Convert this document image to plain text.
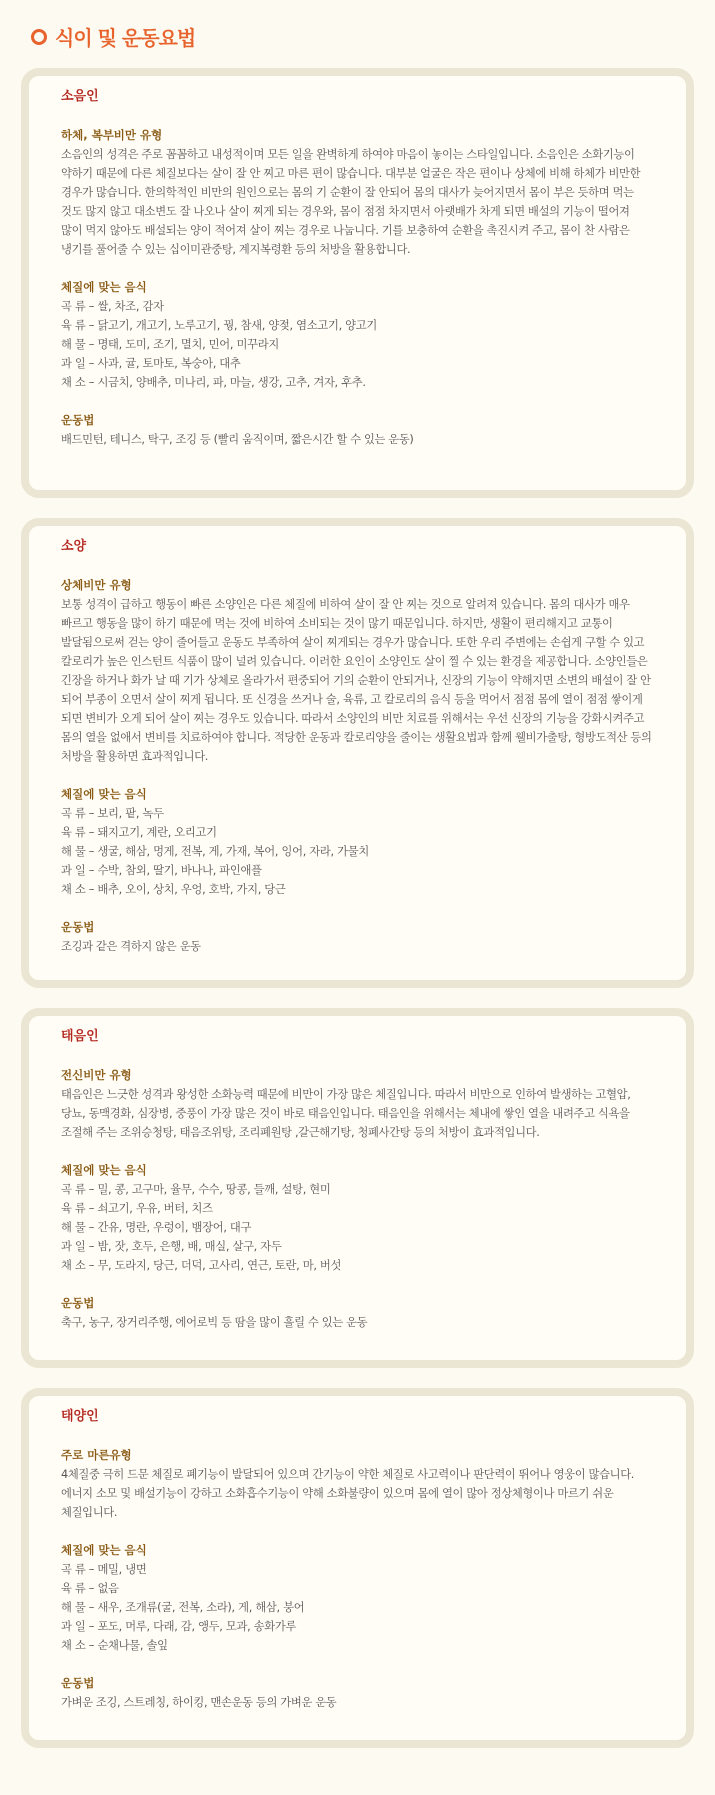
식이 및 운동요법
소음인
하체, 복부비만 유형
소음인의 성격은 주로 꼼꼼하고 내성적이며 모든 일을 완벽하게 하여야 마음이 놓이는 스타일입니다. 소음인은 소화기능이
약하기 때문에 다른 체질보다는 살이 잘 안 찌고 마른 편이 많습니다. 대부분 얼굴은 작은 편이나 상체에 비해 하체가 비만한
경우가 많습니다. 한의학적인 비만의 원인으로는 몸의 기 순환이 잘 안되어 몸의 대사가 늦어지면서 몸이 부은 듯하며 먹는
것도 많지 않고 대소변도 잘 나오나 살이 찌게 되는 경우와, 몸이 점점 차지면서 아랫배가 차게 되면 배설의 기능이 떨어져
많이 먹지 않아도 배설되는 양이 적어져 살이 찌는 경우로 나눕니다. 기를 보충하여 순환을 촉진시켜 주고, 몸이 찬 사람은
냉기를 풀어줄 수 있는 십이미관중탕, 계지복령환 등의 처방을 활용합니다.
체질에 맞는 음식
곡 류 – 쌀, 차조, 감자
육 류 – 닭고기, 개고기, 노루고기, 꿩, 참새, 양젖, 염소고기, 양고기
해 물 – 명태, 도미, 조기, 멸치, 민어, 미꾸라지
과 일 – 사과, 귤, 토마토, 복숭아, 대추
채 소 – 시금치, 양배추, 미나리, 파, 마늘, 생강, 고추, 겨자, 후추.
운동법
배드민턴, 테니스, 탁구, 조깅 등 (빨리 움직이며, 짧은시간 할 수 있는 운동)
소양
상체비만 유형
보통 성격이 급하고 행동이 빠른 소양인은 다른 체질에 비하여 살이 잘 안 찌는 것으로 알려져 있습니다. 몸의 대사가 매우
빠르고 행동을 많이 하기 때문에 먹는 것에 비하여 소비되는 것이 많기 때문입니다. 하지만, 생활이 편리해지고 교통이
발달됨으로써 걷는 양이 줄어들고 운동도 부족하여 살이 찌게되는 경우가 많습니다. 또한 우리 주변에는 손쉽게 구할 수 있고
칼로리가 높은 인스턴트 식품이 많이 널려 있습니다. 이러한 요인이 소양인도 살이 찔 수 있는 환경을 제공합니다. 소양인들은
긴장을 하거나 화가 날 때 기가 상체로 올라가서 편중되어 기의 순환이 안되거나, 신장의 기능이 약해지면 소변의 배설이 잘 안
되어 부종이 오면서 살이 찌게 됩니다. 또 신경을 쓰거나 술, 육류, 고 칼로리의 음식 등을 먹어서 점점 몸에 열이 점점 쌓이게
되면 변비가 오게 되어 살이 찌는 경우도 있습니다. 따라서 소양인의 비만 치료를 위해서는 우선 신장의 기능을 강화시켜주고
몸의 열을 없애서 변비를 치료하여야 합니다. 적당한 운동과 칼로리양을 줄이는 생활요법과 함께 웰비가출탕, 형방도적산 등의
처방을 활용하면 효과적입니다.
체질에 맞는 음식
곡 류 – 보리, 팥, 녹두
육 류 – 돼지고기, 계란, 오리고기
해 물 – 생굴, 해삼, 멍게, 전복, 게, 가재, 복어, 잉어, 자라, 가물치
과 일 – 수박, 참외, 딸기, 바나나, 파인애플
채 소 – 배추, 오이, 상치, 우엉, 호박, 가지, 당근
운동법
조깅과 같은 격하지 않은 운동
태음인
전신비만 유형
태음인은 느긋한 성격과 왕성한 소화능력 때문에 비만이 가장 많은 체질입니다. 따라서 비만으로 인하여 발생하는 고혈압,
당뇨, 동맥경화, 심장병, 중풍이 가장 많은 것이 바로 태음인입니다. 태음인을 위해서는 체내에 쌓인 열을 내려주고 식욕을
조절해 주는 조위승청탕, 태음조위탕, 조리폐원탕 ,갈근해기탕, 청폐사간탕 등의 처방이 효과적입니다.
체질에 맞는 음식
곡 류 – 밀, 콩, 고구마, 율무, 수수, 땅콩, 들깨, 설탕, 현미
육 류 – 쇠고기, 우유, 버터, 치즈
해 물 – 간유, 명란, 우렁이, 뱀장어, 대구
과 일 – 밤, 잣, 호두, 은행, 배, 매실, 살구, 자두
채 소 – 무, 도라지, 당근, 더덕, 고사리, 연근, 토란, 마, 버섯
운동법
축구, 농구, 장거리주행, 에어로빅 등 땀을 많이 흘릴 수 있는 운동
태양인
주로 마른유형
4체질중 극히 드문 체질로 폐기능이 발달되어 있으며 간기능이 약한 체질로 사고력이나 판단력이 뛰어나 영웅이 많습니다.
에너지 소모 및 배설기능이 강하고 소화흡수기능이 약해 소화불량이 있으며 몸에 열이 많아 정상체형이나 마르기 쉬운
체질입니다.
체질에 맞는 음식
곡 류 – 메밀, 냉면
육 류 – 없음
해 물 – 새우, 조개류(굴, 전복, 소라), 게, 해삼, 붕어
과 일 – 포도, 머루, 다래, 감, 앵두, 모과, 송화가루
채 소 – 순채나물, 솔잎
운동법
가벼운 조깅, 스트레칭, 하이킹, 맨손운동 등의 가벼운 운동
